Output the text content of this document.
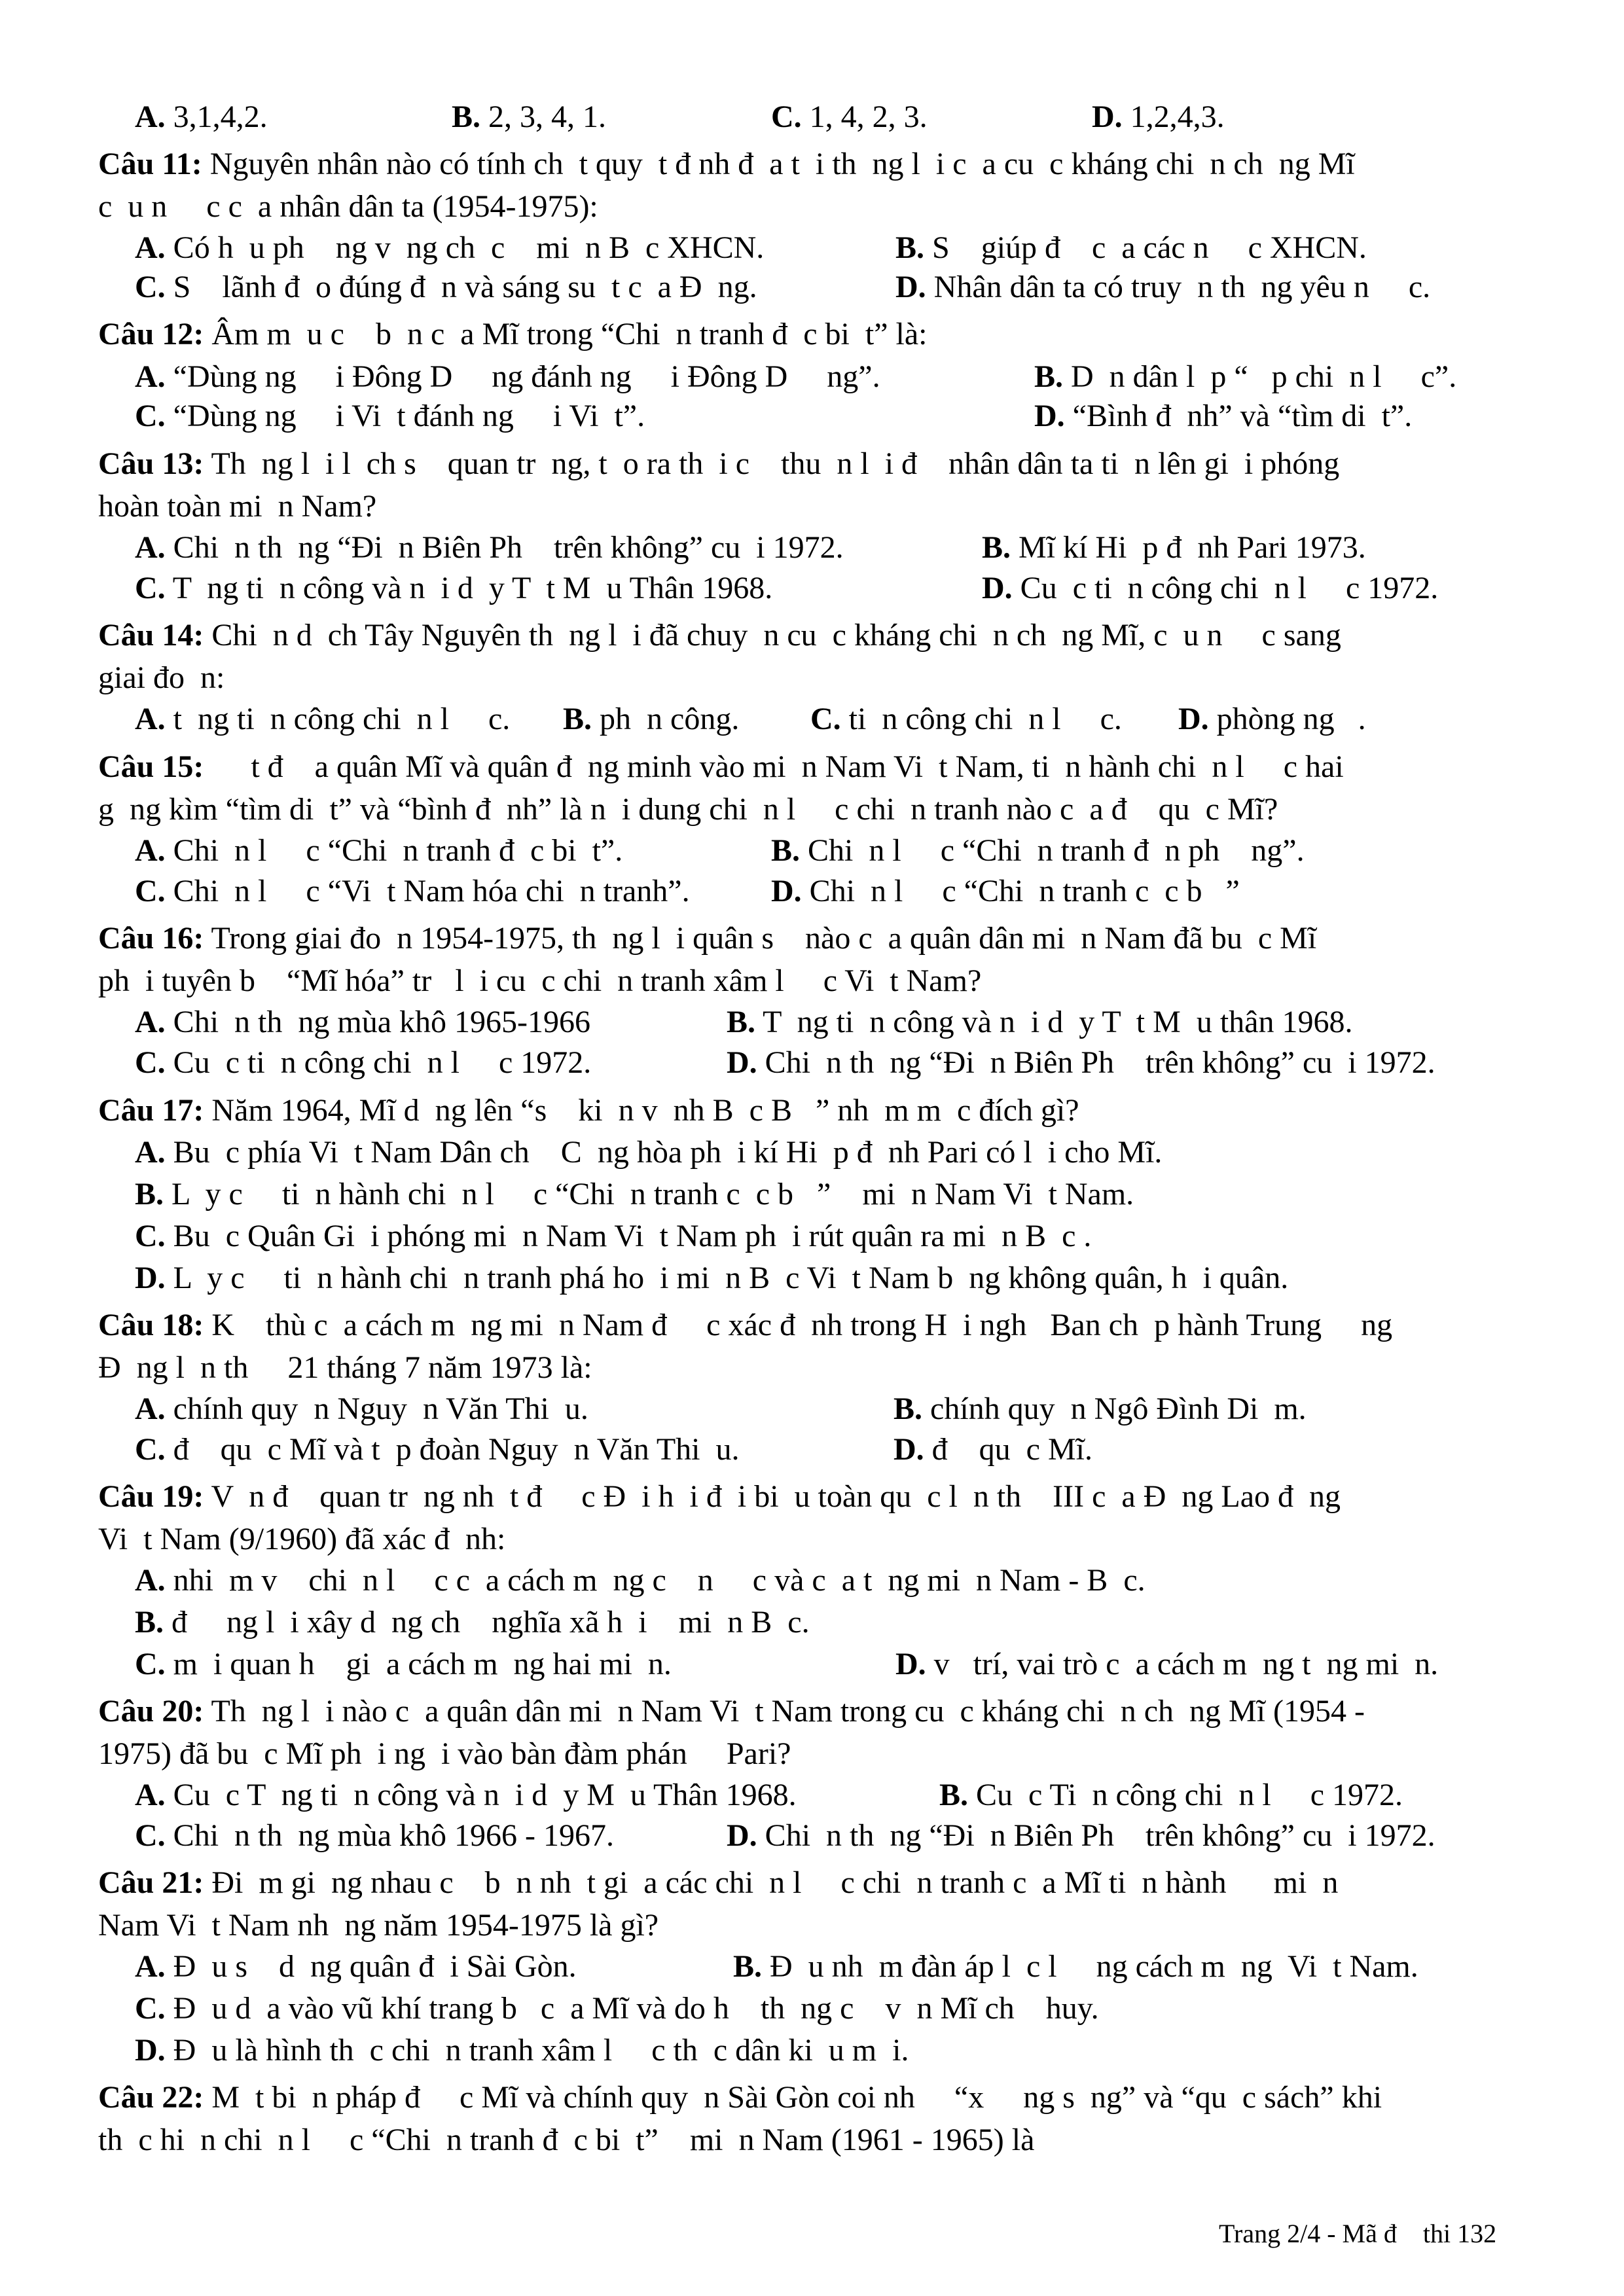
A. 3,1,4,2.	B. 2, 3, 4, 1.	C. 1, 4, 2, 3.	D. 1,2,4,3.
Câu 11: Nguyên nhân nào có tính ch  t quy  t đ nh đ  a t  i th  ng l  i c  a cu  c kháng chi  n ch  ng Mĩ
c  u n     c c  a nhân dân ta (1954-1975):
A. Có h  u ph    ng v  ng ch  c    mi  n B  c XHCN.	B. S    giúp đ    c  a các n     c XHCN.
C. S    lãnh đ  o đúng đ  n và sáng su  t c  a Đ  ng.	D. Nhân dân ta có truy  n th  ng yêu n     c.
Câu 12: Âm m  u c    b  n c  a Mĩ trong “Chi  n tranh đ  c bi  t” là:
A. “Dùng ng     i Đông D     ng đánh ng     i Đông D     ng”.	B. D  n dân l  p “   p chi  n l     c”.
C. “Dùng ng     i Vi  t đánh ng     i Vi  t”.	D. “Bình đ  nh” và “tìm di  t”.
Câu 13: Th  ng l  i l  ch s    quan tr  ng, t  o ra th  i c    thu  n l  i đ    nhân dân ta ti  n lên gi  i phóng
hoàn toàn mi  n Nam?
A. Chi  n th  ng “Đi  n Biên Ph    trên không” cu  i 1972.	B. Mĩ kí Hi  p đ  nh Pari 1973.
C. T  ng ti  n công và n  i d  y T  t M  u Thân 1968.	D. Cu  c ti  n công chi  n l     c 1972.
Câu 14: Chi  n d  ch Tây Nguyên th  ng l  i đã chuy  n cu  c kháng chi  n ch  ng Mĩ, c  u n     c sang
giai đo  n:
A. t  ng ti  n công chi  n l     c. B. ph  n công. C. ti  n công chi  n l     c. D. phòng ng   .
Câu 15:      t đ    a quân Mĩ và quân đ  ng minh vào mi  n Nam Vi  t Nam, ti  n hành chi  n l     c hai
g  ng kìm “tìm di  t” và “bình đ  nh” là n  i dung chi  n l     c chi  n tranh nào c  a đ    qu  c Mĩ?
A. Chi  n l     c “Chi  n tranh đ  c bi  t”.	B. Chi  n l     c “Chi  n tranh đ  n ph    ng”.
C. Chi  n l     c “Vi  t Nam hóa chi  n tranh”.	D. Chi  n l     c “Chi  n tranh c  c b   ”
Câu 16: Trong giai đo  n 1954-1975, th  ng l  i quân s    nào c  a quân dân mi  n Nam đã bu  c Mĩ
ph  i tuyên b    “Mĩ hóa” tr   l  i cu  c chi  n tranh xâm l     c Vi  t Nam?
A. Chi  n th  ng mùa khô 1965-1966	B. T  ng ti  n công và n  i d  y T  t M  u thân 1968.
C. Cu  c ti  n công chi  n l     c 1972.	D. Chi  n th  ng “Đi  n Biên Ph    trên không” cu  i 1972.
Câu 17: Năm 1964, Mĩ d  ng lên “s    ki  n v  nh B  c B   ” nh  m m  c đích gì?
A. Bu  c phía Vi  t Nam Dân ch    C  ng hòa ph  i kí Hi  p đ  nh Pari có l  i cho Mĩ.
B. L  y c     ti  n hành chi  n l     c “Chi  n tranh c  c b   ”    mi  n Nam Vi  t Nam.
C. Bu  c Quân Gi  i phóng mi  n Nam Vi  t Nam ph  i rút quân ra mi  n B  c .
D. L  y c     ti  n hành chi  n tranh phá ho  i mi  n B  c Vi  t Nam b  ng không quân, h  i quân.
Câu 18: K    thù c  a cách m  ng mi  n Nam đ     c xác đ  nh trong H  i ngh   Ban ch  p hành Trung     ng
Đ  ng l  n th     21 tháng 7 năm 1973 là:
A. chính quy  n Nguy  n Văn Thi  u.	B. chính quy  n Ngô Đình Di  m.
C. đ    qu  c Mĩ và t  p đoàn Nguy  n Văn Thi  u.	D. đ    qu  c Mĩ.
Câu 19: V  n đ    quan tr  ng nh  t đ     c Đ  i h  i đ  i bi  u toàn qu  c l  n th    III c  a Đ  ng Lao đ  ng
Vi  t Nam (9/1960) đã xác đ  nh:
A. nhi  m v    chi  n l     c c  a cách m  ng c    n     c và c  a t  ng mi  n Nam - B  c.
B. đ     ng l  i xây d  ng ch    nghĩa xã h  i    mi  n B  c.
C. m  i quan h    gi  a cách m  ng hai mi  n.	D. v   trí, vai trò c  a cách m  ng t  ng mi  n.
Câu 20: Th  ng l  i nào c  a quân dân mi  n Nam Vi  t Nam trong cu  c kháng chi  n ch  ng Mĩ (1954 -
1975) đã bu  c Mĩ ph  i ng  i vào bàn đàm phán     Pari?
A. Cu  c T  ng ti  n công và n  i d  y M  u Thân 1968.	B. Cu  c Ti  n công chi  n l     c 1972.
C. Chi  n th  ng mùa khô 1966 - 1967.	D. Chi  n th  ng “Đi  n Biên Ph    trên không” cu  i 1972.
Câu 21: Đi  m gi  ng nhau c    b  n nh  t gi  a các chi  n l     c chi  n tranh c  a Mĩ ti  n hành      mi  n
Nam Vi  t Nam nh  ng năm 1954-1975 là gì?
A. Đ  u s    d  ng quân đ  i Sài Gòn.	B. Đ  u nh  m đàn áp l  c l     ng cách m  ng  Vi  t Nam.
C. Đ  u d  a vào vũ khí trang b   c  a Mĩ và do h    th  ng c    v  n Mĩ ch    huy.
D. Đ  u là hình th  c chi  n tranh xâm l     c th  c dân ki  u m  i.
Câu 22: M  t bi  n pháp đ     c Mĩ và chính quy  n Sài Gòn coi nh     “x     ng s  ng” và “qu  c sách” khi
th  c hi  n chi  n l     c “Chi  n tranh đ  c bi  t”    mi  n Nam (1961 - 1965) là
Trang 2/4 - Mã đ    thi 132
